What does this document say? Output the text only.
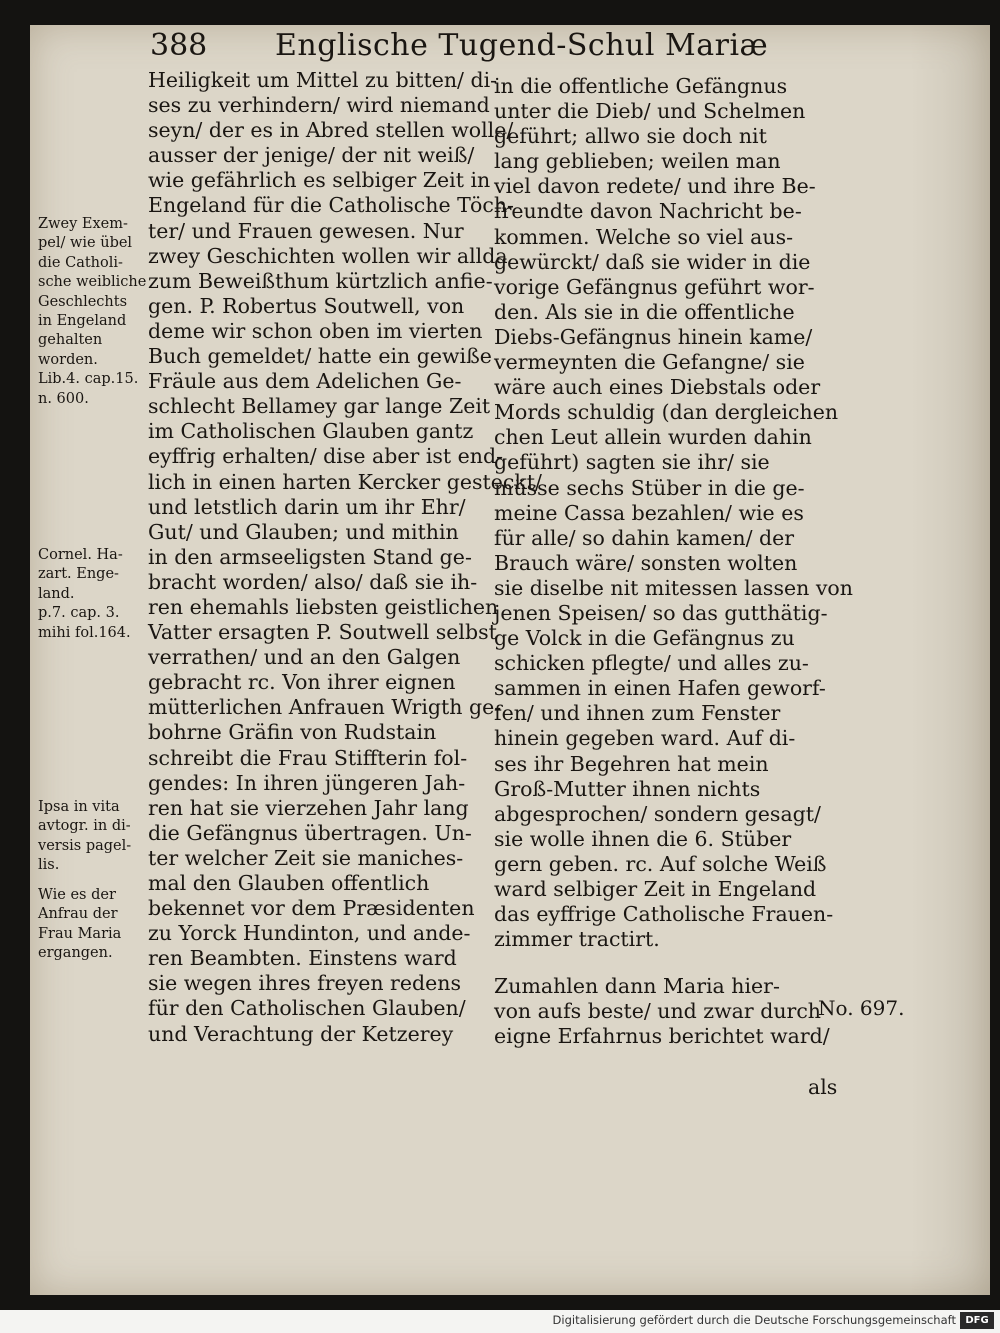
388 Englische Tugend-Schul Mariæ
Heiligkeit um Mittel zu bitten/ di-
ses zu verhindern/ wird niemand
seyn/ der es in Abred stellen wolle/
ausser der jenige/ der nit weiß/
wie gefährlich es selbiger Zeit in
Engeland für die Catholische Töch-
ter/ und Frauen gewesen. Nur
zwey Geschichten wollen wir allda
zum Beweißthum kürtzlich anfie-
gen. P. Robertus Soutwell, von
deme wir schon oben im vierten
Buch gemeldet/ hatte ein gewiße
Fräule aus dem Adelichen Ge-
schlecht Bellamey gar lange Zeit
im Catholischen Glauben gantz
eyffrig erhalten/ dise aber ist end-
lich in einen harten Kercker gesteckt/
und letstlich darin um ihr Ehr/
Gut/ und Glauben; und mithin
in den armseeligsten Stand ge-
bracht worden/ also/ daß sie ih-
ren ehemahls liebsten geistlichen
Vatter ersagten P. Soutwell selbst
verrathen/ und an den Galgen
gebracht rc. Von ihrer eignen
mütterlichen Anfrauen Wrigth ge-
bohrne Gräfin von Rudstain
schreibt die Frau Stiffterin fol-
gendes: In ihren jüngeren Jah-
ren hat sie vierzehen Jahr lang
die Gefängnus übertragen. Un-
ter welcher Zeit sie maniches-
mal den Glauben offentlich
bekennet vor dem Præsidenten
zu Yorck Hundinton, und ande-
ren Beambten. Einstens ward
sie wegen ihres freyen redens
für den Catholischen Glauben/
und Verachtung der Ketzerey
in die offentliche Gefängnus
unter die Dieb/ und Schelmen
geführt; allwo sie doch nit
lang geblieben; weilen man
viel davon redete/ und ihre Be-
freundte davon Nachricht be-
kommen. Welche so viel aus-
gewürckt/ daß sie wider in die
vorige Gefängnus geführt wor-
den. Als sie in die offentliche
Diebs-Gefängnus hinein kame/
vermeynten die Gefangne/ sie
wäre auch eines Diebstals oder
Mords schuldig (dan dergleichen
chen Leut allein wurden dahin
geführt) sagten sie ihr/ sie
müsse sechs Stüber in die ge-
meine Cassa bezahlen/ wie es
für alle/ so dahin kamen/ der
Brauch wäre/ sonsten wolten
sie diselbe nit mitessen lassen von
jenen Speisen/ so das gutthätig-
ge Volck in die Gefängnus zu
schicken pflegte/ und alles zu-
sammen in einen Hafen geworf-
fen/ und ihnen zum Fenster
hinein gegeben ward. Auf di-
ses ihr Begehren hat mein
Groß-Mutter ihnen nichts
abgesprochen/ sondern gesagt/
sie wolle ihnen die 6. Stüber
gern geben. rc. Auf solche Weiß
ward selbiger Zeit in Engeland
das eyffrige Catholische Frauen-
zimmer tractirt.
Zumahlen dann Maria hier-
von aufs beste/ und zwar durch
eigne Erfahrnus berichtet ward/
No. 697.
als
Zwey Exem-
pel/ wie übel
die Catholi-
sche weibliche
Geschlechts
in Engeland
gehalten
worden.
Lib.4. cap.15.
n. 600.
Cornel. Ha-
zart. Enge-
land.
p.7. cap. 3.
mihi fol.164.
Ipsa in vita
avtogr. in di-
versis pagel-
lis.
Wie es der
Anfrau der
Frau Maria
ergangen.
Digitalisierung gefördert durch die Deutsche Forschungsgemeinschaft DFG
